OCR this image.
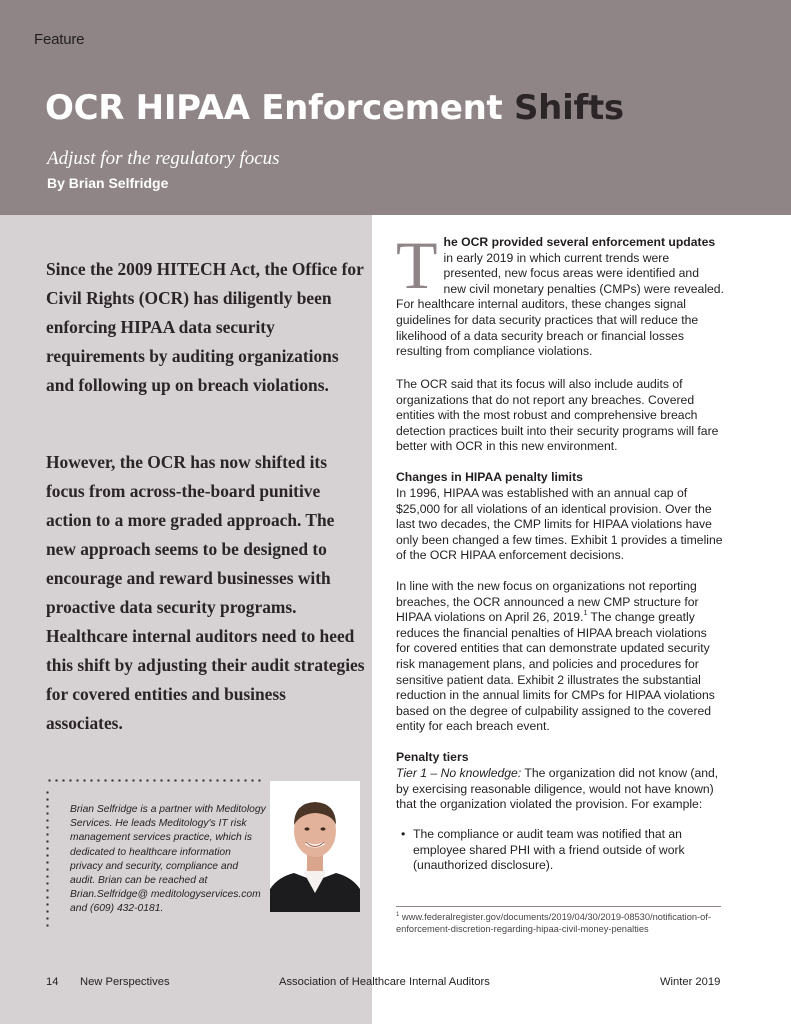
Feature
OCR HIPAA Enforcement Shifts
Adjust for the regulatory focus
By Brian Selfridge
Since the 2009 HITECH Act, the Office for Civil Rights (OCR) has diligently been enforcing HIPAA data security requirements by auditing organizations and following up on breach violations.
However, the OCR has now shifted its focus from across-the-board punitive action to a more graded approach. The new approach seems to be designed to encourage and reward businesses with proactive data security programs. Healthcare internal auditors need to heed this shift by adjusting their audit strategies for covered entities and business associates.
Brian Selfridge is a partner with Meditology Services. He leads Meditology's IT risk management services practice, which is dedicated to healthcare information privacy and security, compliance and audit. Brian can be reached at Brian.Selfridge@ meditologyservices.com and (609) 432-0181.
The OCR provided several enforcement updates in early 2019 in which current trends were presented, new focus areas were identified and new civil monetary penalties (CMPs) were revealed. For healthcare internal auditors, these changes signal guidelines for data security practices that will reduce the likelihood of a data security breach or financial losses resulting from compliance violations.
The OCR said that its focus will also include audits of organizations that do not report any breaches. Covered entities with the most robust and comprehensive breach detection practices built into their security programs will fare better with OCR in this new environment.
Changes in HIPAA penalty limits
In 1996, HIPAA was established with an annual cap of $25,000 for all violations of an identical provision. Over the last two decades, the CMP limits for HIPAA violations have only been changed a few times. Exhibit 1 provides a timeline of the OCR HIPAA enforcement decisions.
In line with the new focus on organizations not reporting breaches, the OCR announced a new CMP structure for HIPAA violations on April 26, 2019.$^1$ The change greatly reduces the financial penalties of HIPAA breach violations for covered entities that can demonstrate updated security risk management plans, and policies and procedures for sensitive patient data. Exhibit 2 illustrates the substantial reduction in the annual limits for CMPs for HIPAA violations based on the degree of culpability assigned to the covered entity for each breach event.
Penalty tiers
Tier 1 – No knowledge: The organization did not know (and, by exercising reasonable diligence, would not have known) that the organization violated the provision. For example:
• The compliance or audit team was notified that an employee shared PHI with a friend outside of work (unauthorized disclosure).
$^1$ www.federalregister.gov/documents/2019/04/30/2019-08530/notification-of-enforcement-discretion-regarding-hipaa-civil-money-penalties
14 New Perspectives	Association of Healthcare Internal Auditors	Winter 2019
